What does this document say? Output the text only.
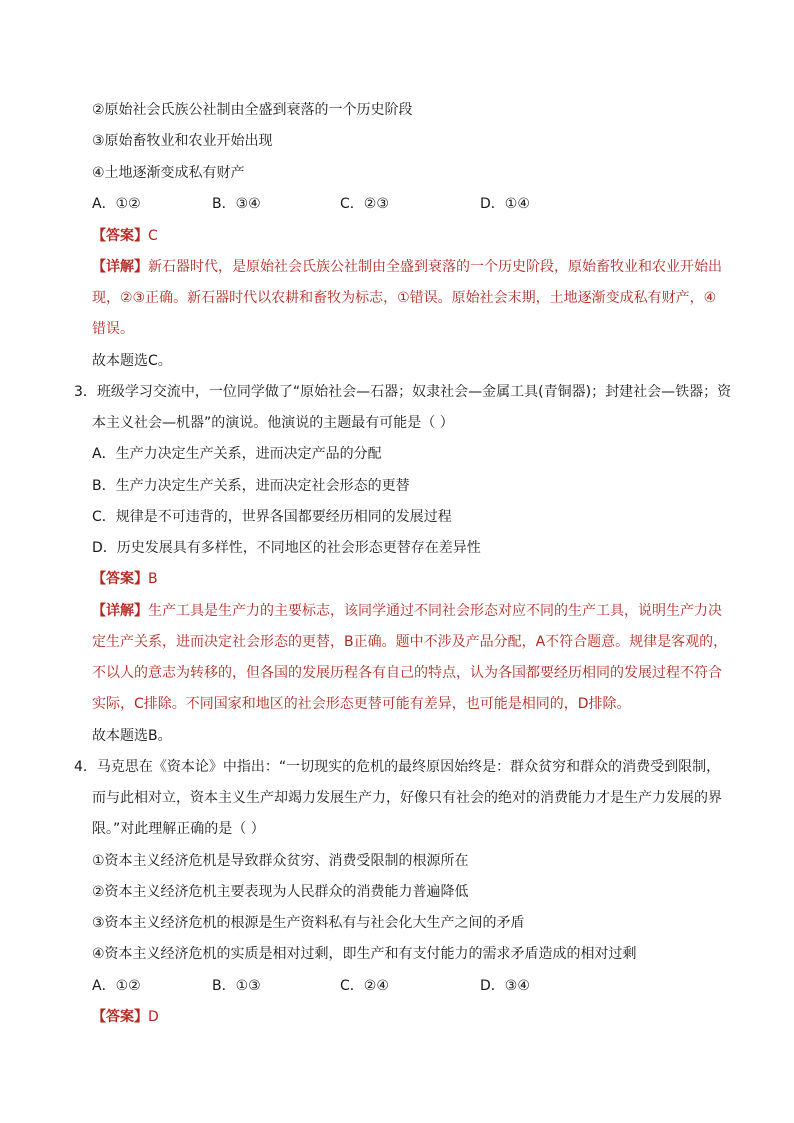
②原始社会氏族公社制由全盛到衰落的一个历史阶段
③原始畜牧业和农业开始出现
④土地逐渐变成私有财产
A．①②	B．③④	C．②③	D．①④
【答案】C
【详解】新石器时代，是原始社会氏族公社制由全盛到衰落的一个历史阶段，原始畜牧业和农业开始出
现，②③正确。新石器时代以农耕和畜牧为标志，①错误。原始社会末期，土地逐渐变成私有财产，④
错误。
故本题选C。
3．班级学习交流中，一位同学做了“原始社会—石器；奴隶社会—金属工具(青铜器)；封建社会—铁器；资
本主义社会—机器”的演说。他演说的主题最有可能是（ ）
A．生产力决定生产关系，进而决定产品的分配
B．生产力决定生产关系，进而决定社会形态的更替
C．规律是不可违背的，世界各国都要经历相同的发展过程
D．历史发展具有多样性，不同地区的社会形态更替存在差异性
【答案】B
【详解】生产工具是生产力的主要标志，该同学通过不同社会形态对应不同的生产工具，说明生产力决
定生产关系，进而决定社会形态的更替，B正确。题中不涉及产品分配，A不符合题意。规律是客观的，
不以人的意志为转移的，但各国的发展历程各有自己的特点，认为各国都要经历相同的发展过程不符合
实际，C排除。不同国家和地区的社会形态更替可能有差异，也可能是相同的，D排除。
故本题选B。
4．马克思在《资本论》中指出：“一切现实的危机的最终原因始终是：群众贫穷和群众的消费受到限制，
而与此相对立，资本主义生产却竭力发展生产力，好像只有社会的绝对的消费能力才是生产力发展的界
限。”对此理解正确的是（ ）
①资本主义经济危机是导致群众贫穷、消费受限制的根源所在
②资本主义经济危机主要表现为人民群众的消费能力普遍降低
③资本主义经济危机的根源是生产资料私有与社会化大生产之间的矛盾
④资本主义经济危机的实质是相对过剩，即生产和有支付能力的需求矛盾造成的相对过剩
A．①②	B．①③	C．②④	D．③④
【答案】D
